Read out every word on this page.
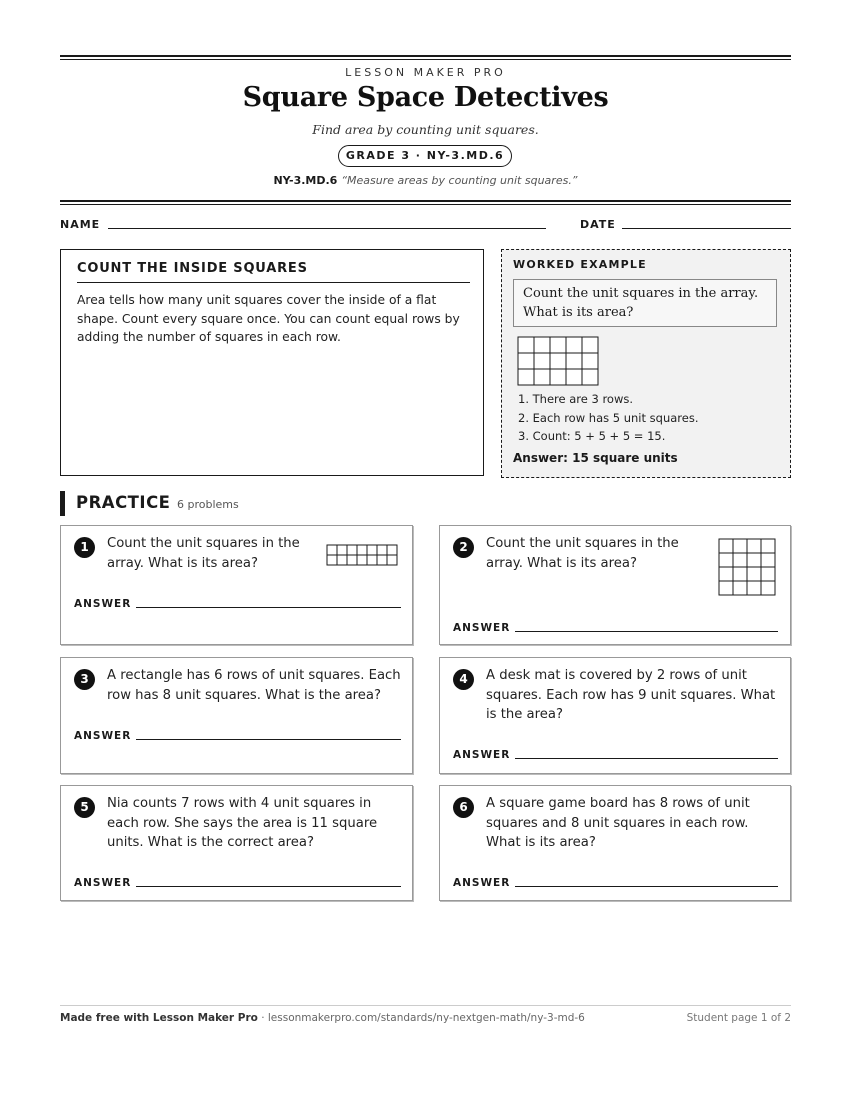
LESSON MAKER PRO
Square Space Detectives
Find area by counting unit squares.
GRADE 3 · NY-3.MD.6
NY-3.MD.6 “Measure areas by counting unit squares.”
NAME	DATE
COUNT THE INSIDE SQUARES
Area tells how many unit squares cover the inside of a flat shape. Count every square once. You can count equal rows by adding the number of squares in each row.
WORKED EXAMPLE
Count the unit squares in the array. What is its area?
1. There are 3 rows.
2. Each row has 5 unit squares.
3. Count: 5 + 5 + 5 = 15.
Answer: 15 square units
PRACTICE 6 problems
1	Count the unit squares in the array. What is its area?
ANSWER
2	Count the unit squares in the array. What is its area?
ANSWER
3	A rectangle has 6 rows of unit squares. Each row has 8 unit squares. What is the area?
ANSWER
4	A desk mat is covered by 2 rows of unit squares. Each row has 9 unit squares. What is the area?
ANSWER
5	Nia counts 7 rows with 4 unit squares in each row. She says the area is 11 square units. What is the correct area?
ANSWER
6	A square game board has 8 rows of unit squares and 8 unit squares in each row. What is its area?
ANSWER
Made free with Lesson Maker Pro · lessonmakerpro.com/standards/ny-nextgen-math/ny-3-md-6	Student page 1 of 2
